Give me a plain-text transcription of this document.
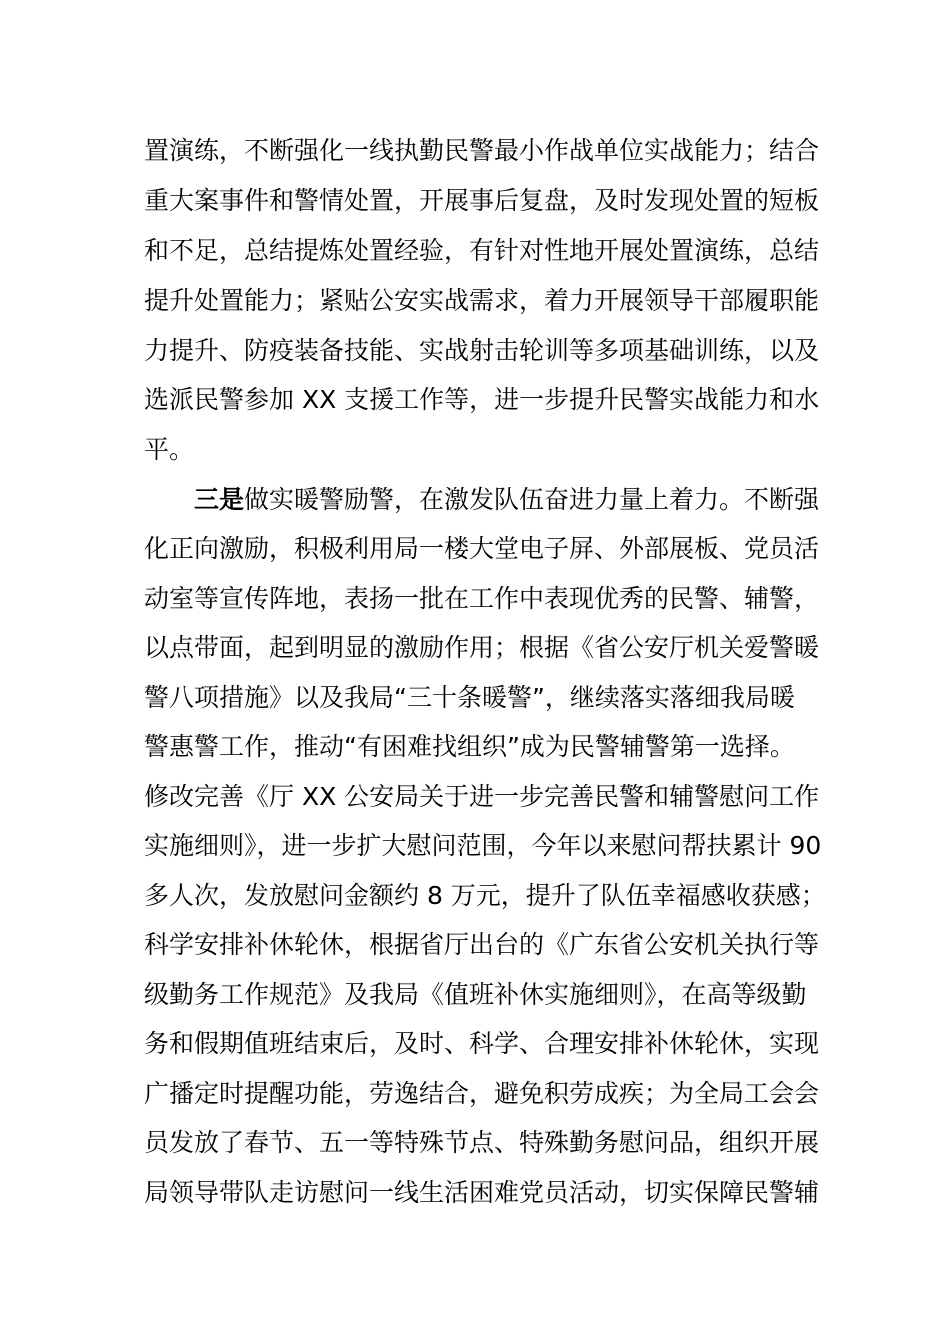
置演练，不断强化一线执勤民警最小作战单位实战能力；结合
重大案事件和警情处置，开展事后复盘，及时发现处置的短板
和不足，总结提炼处置经验，有针对性地开展处置演练，总结
提升处置能力；紧贴公安实战需求，着力开展领导干部履职能
力提升、防疫装备技能、实战射击轮训等多项基础训练，以及
选派民警参加 XX 支援工作等，进一步提升民警实战能力和水
平。
三是做实暖警励警，在激发队伍奋进力量上着力。不断强
化正向激励，积极利用局一楼大堂电子屏、外部展板、党员活
动室等宣传阵地，表扬一批在工作中表现优秀的民警、辅警，
以点带面，起到明显的激励作用；根据《省公安厅机关爱警暖
警八项措施》以及我局“三十条暖警”，继续落实落细我局暖
警惠警工作，推动“有困难找组织”成为民警辅警第一选择。
修改完善《厅 XX 公安局关于进一步完善民警和辅警慰问工作
实施细则》，进一步扩大慰问范围，今年以来慰问帮扶累计 90
多人次，发放慰问金额约 8 万元，提升了队伍幸福感收获感；
科学安排补休轮休，根据省厅出台的《广东省公安机关执行等
级勤务工作规范》及我局《值班补休实施细则》，在高等级勤
务和假期值班结束后，及时、科学、合理安排补休轮休，实现
广播定时提醒功能，劳逸结合，避免积劳成疾；为全局工会会
员发放了春节、五一等特殊节点、特殊勤务慰问品，组织开展
局领导带队走访慰问一线生活困难党员活动，切实保障民警辅
